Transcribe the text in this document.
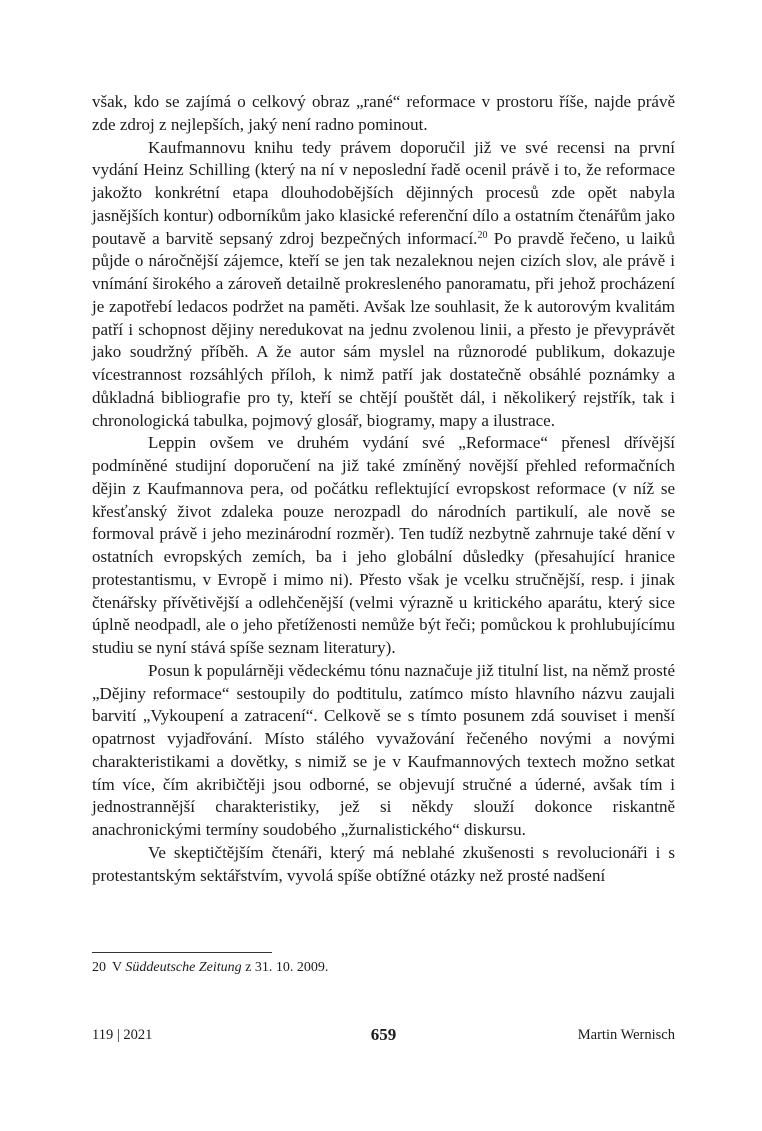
však, kdo se zajímá o celkový obraz „rané“ reformace v prostoru říše, najde právě zde zdroj z nejlepších, jaký není radno pominout.

Kaufmannovu knihu tedy právem doporučil již ve své recensi na první vydání Heinz Schilling (který na ní v neposlední řadě ocenil právě i to, že reformace jakožto konkrétní etapa dlouhodobějších dějinných procesů zde opět nabyla jasnějších kontur) odborníkům jako klasické referenční dílo a ostatním čtenářům jako poutavě a barvitě sepsaný zdroj bezpečných informací.$^{20}$ Po pravdě řečeno, u laiků půjde o náročnější zájemce, kteří se jen tak nezaleknou nejen cizích slov, ale právě i vnímání širokého a zároveň detailně prokresleného panoramatu, při jehož procházení je zapotřebí ledacos podržet na paměti. Avšak lze souhlasit, že k autorovým kvalitám patří i schopnost dějiny neredukovat na jednu zvolenou linii, a přesto je převyprávět jako soudržný příběh. A že autor sám myslel na různorodé publikum, dokazuje vícestrannost rozsáhlých příloh, k nimž patří jak dostatečně obsáhlé poznámky a důkladná bibliografie pro ty, kteří se chtějí pouštět dál, i několikerý rejstřík, tak i chronologická tabulka, pojmový glosář, biogramy, mapy a ilustrace.

Leppin ovšem ve druhém vydání své „Reformace“ přenesl dřívější podmíněné studijní doporučení na již také zmíněný novější přehled reformačních dějin z Kaufmannova pera, od počátku reflektující evropskost reformace (v níž se křesťanský život zdaleka pouze nerozpadl do národních partikulí, ale nově se formoval právě i jeho mezinárodní rozměr). Ten tudíž nezbytně zahrnuje také dění v ostatních evropských zemích, ba i jeho globální důsledky (přesahující hranice protestantismu, v Evropě i mimo ni). Přesto však je vcelku stručnější, resp. i jinak čtenářsky přívětivější a odlehčenější (velmi výrazně u kritického aparátu, který sice úplně neodpadl, ale o jeho přetíženosti nemůže být řeči; pomůckou k prohlubujícímu studiu se nyní stává spíše seznam literatury).

Posun k populárněji vědeckému tónu naznačuje již titulní list, na němž prosté „Dějiny reformace“ sestoupily do podtitulu, zatímco místo hlavního názvu zaujali barvití „Vykoupení a zatracení“. Celkově se s tímto posunem zdá souviset i menší opatrnost vyjadřování. Místo stálého vyvažování řečeného novými a novými charakteristikami a dovětky, s nimiž se je v Kaufmannových textech možno setkat tím více, čím akribičtěji jsou odborné, se objevují stručné a úderné, avšak tím i jednostrannější charakteristiky, jež si někdy slouží dokonce riskantně anachronickými termíny soudobého „žurnalistického“ diskursu.

Ve skeptičtějším čtenáři, který má neblahé zkušenosti s revolucionáři i s protestantským sektářstvím, vyvolá spíše obtížné otázky než prosté nadšení

20 V Süddeutsche Zeitung z 31. 10. 2009.
119 | 2021	659	Martin Wernisch
